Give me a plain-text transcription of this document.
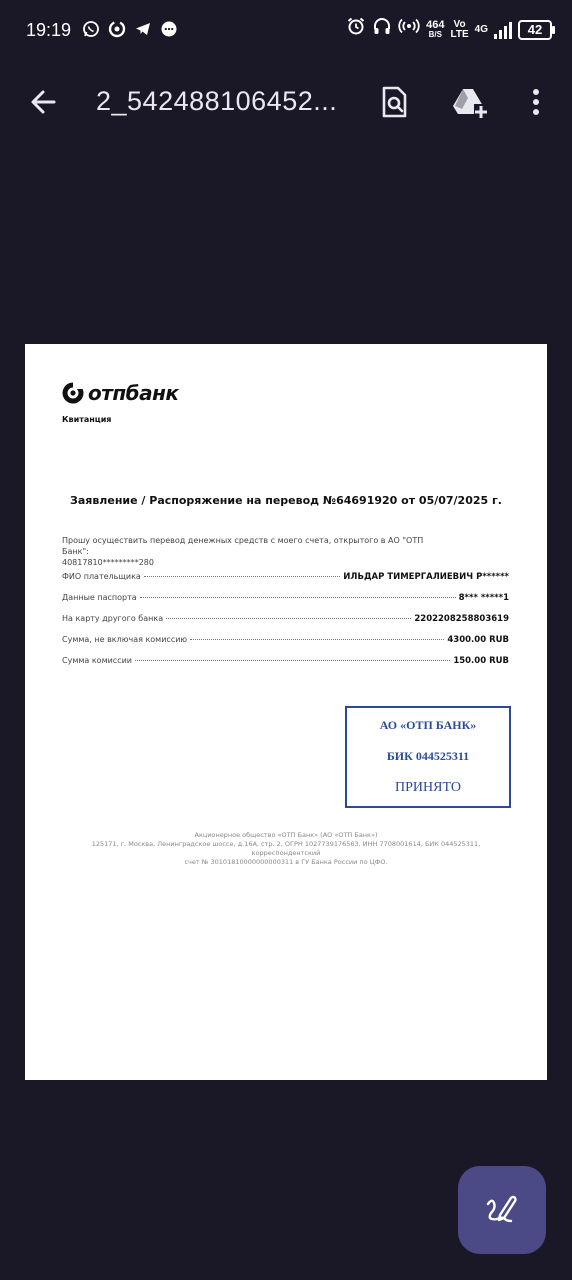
19:19	464
B/S
Vo
LTE 4G	42
2_542488106452...
отпбанк
Квитанция
Заявление / Распоряжение на перевод №64691920 от 05/07/2025 г.
Прошу осуществить перевод денежных средств с моего счета, открытого в АО "ОТП Банк":
40817810*********280
ФИО плательщика	ИЛЬДАР ТИМЕРГАЛИЕВИЧ Р******
Данные паспорта	8*** *****1
На карту другого банка	2202208258803619
Сумма, не включая комиссию	4300.00 RUB
Сумма комиссии	150.00 RUB
АО «ОТП БАНК»
БИК 044525311
ПРИНЯТО
Акционерное общество «ОТП Банк» (АО «ОТП Банк»)
125171, г. Москва, Ленинградское шоссе, д.16А, стр. 2, ОГРН 1027739176563, ИНН 7708001614, БИК 044525311, корреспондентский
счет № 30101810000000000311 в ГУ Банка России по ЦФО.
